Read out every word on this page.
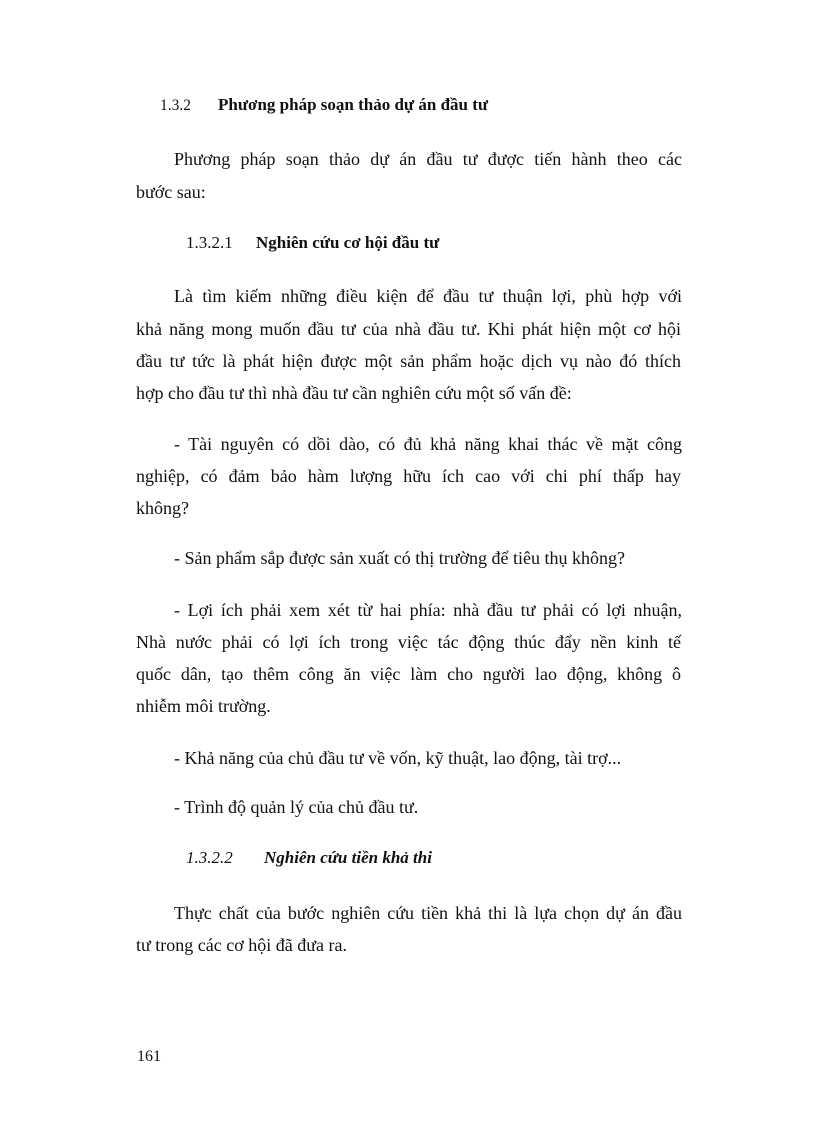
1.3.2 Phương pháp soạn thảo dự án đầu tư
Phương pháp soạn thảo dự án đầu tư được tiến hành theo các
bước sau:
1.3.2.1 Nghiên cứu cơ hội đầu tư
Là tìm kiếm những điều kiện để đầu tư thuận lợi, phù hợp với
khả năng mong muốn đầu tư của nhà đầu tư. Khi phát hiện một cơ hội
đầu tư tức là phát hiện được một sản phẩm hoặc dịch vụ nào đó thích
hợp cho đầu tư thì nhà đầu tư cần nghiên cứu một số vấn đề:
- Tài nguyên có dồi dào, có đủ khả năng khai thác về mặt công
nghiệp, có đảm bảo hàm lượng hữu ích cao với chi phí thấp hay
không?
- Sản phẩm sắp được sản xuất có thị trường để tiêu thụ không?
- Lợi ích phải xem xét từ hai phía: nhà đầu tư phải có lợi nhuận,
Nhà nước phải có lợi ích trong việc tác động thúc đẩy nền kinh tế
quốc dân, tạo thêm công ăn việc làm cho người lao động, không ô
nhiễm môi trường.
- Khả năng của chủ đầu tư về vốn, kỹ thuật, lao động, tài trợ...
- Trình độ quản lý của chủ đầu tư.
1.3.2.2 Nghiên cứu tiền khả thi
Thực chất của bước nghiên cứu tiền khả thi là lựa chọn dự án đầu
tư trong các cơ hội đã đưa ra.
161
